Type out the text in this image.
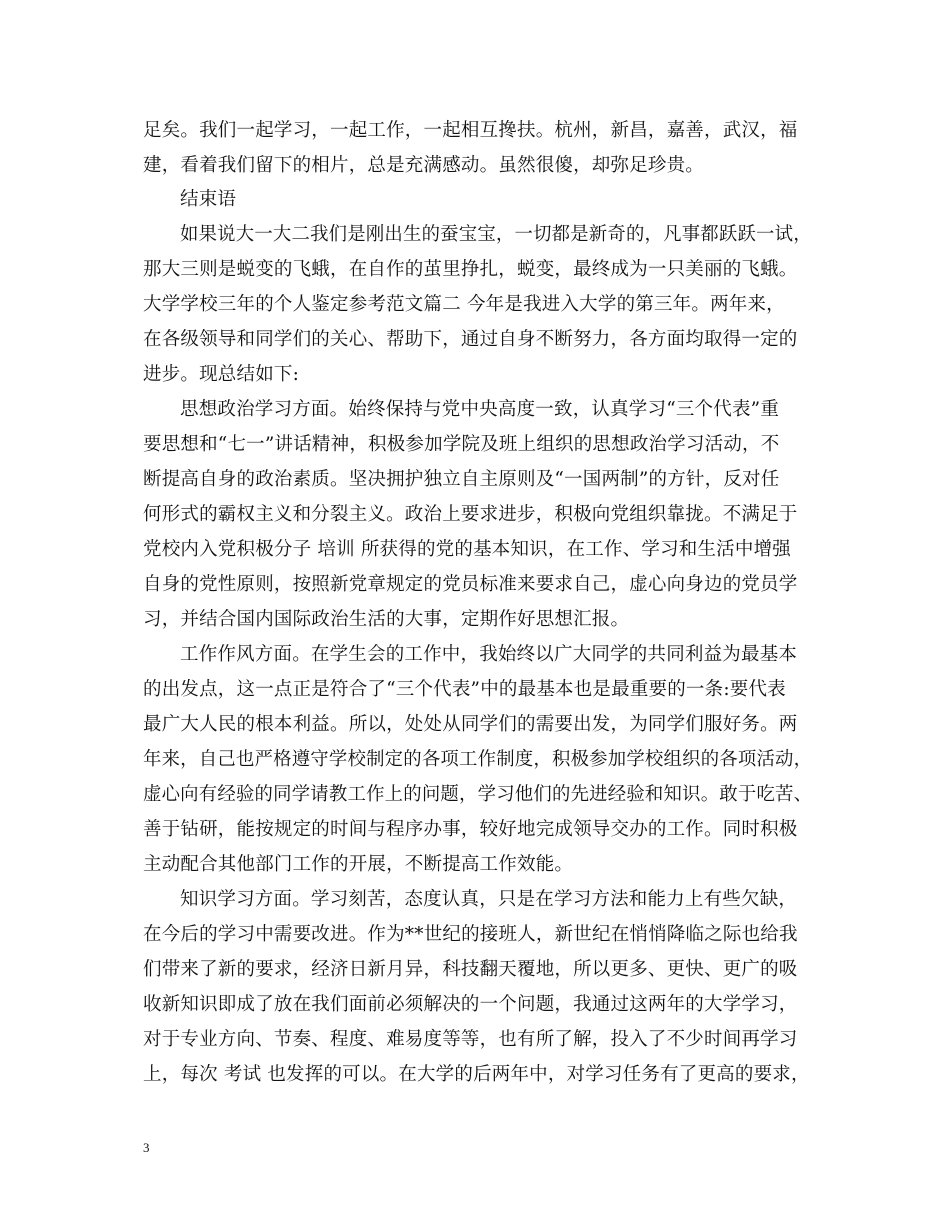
足矣。我们一起学习，一起工作，一起相互搀扶。杭州，新昌，嘉善，武汉，福
建，看着我们留下的相片，总是充满感动。虽然很傻，却弥足珍贵。
结束语
如果说大一大二我们是刚出生的蚕宝宝，一切都是新奇的，凡事都跃跃一试，
那大三则是蜕变的飞蛾，在自作的茧里挣扎，蜕变，最终成为一只美丽的飞蛾。
大学学校三年的个人鉴定参考范文篇二 今年是我进入大学的第三年。两年来，
在各级领导和同学们的关心、帮助下，通过自身不断努力，各方面均取得一定的
进步。现总结如下:
思想政治学习方面。始终保持与党中央高度一致，认真学习“三个代表”重
要思想和“七一”讲话精神，积极参加学院及班上组织的思想政治学习活动，不
断提高自身的政治素质。坚决拥护独立自主原则及“一国两制”的方针，反对任
何形式的霸权主义和分裂主义。政治上要求进步，积极向党组织靠拢。不满足于
党校内入党积极分子 培训 所获得的党的基本知识，在工作、学习和生活中增强
自身的党性原则，按照新党章规定的党员标准来要求自己，虚心向身边的党员学
习，并结合国内国际政治生活的大事，定期作好思想汇报。
工作作风方面。在学生会的工作中，我始终以广大同学的共同利益为最基本
的出发点，这一点正是符合了“三个代表”中的最基本也是最重要的一条:要代表
最广大人民的根本利益。所以，处处从同学们的需要出发，为同学们服好务。两
年来，自己也严格遵守学校制定的各项工作制度，积极参加学校组织的各项活动，
虚心向有经验的同学请教工作上的问题，学习他们的先进经验和知识。敢于吃苦、
善于钻研，能按规定的时间与程序办事，较好地完成领导交办的工作。同时积极
主动配合其他部门工作的开展，不断提高工作效能。
知识学习方面。学习刻苦，态度认真，只是在学习方法和能力上有些欠缺，
在今后的学习中需要改进。作为**世纪的接班人，新世纪在悄悄降临之际也给我
们带来了新的要求，经济日新月异，科技翻天覆地，所以更多、更快、更广的吸
收新知识即成了放在我们面前必须解决的一个问题，我通过这两年的大学学习，
对于专业方向、节奏、程度、难易度等等，也有所了解，投入了不少时间再学习
上，每次 考试 也发挥的可以。在大学的后两年中，对学习任务有了更高的要求，
3
